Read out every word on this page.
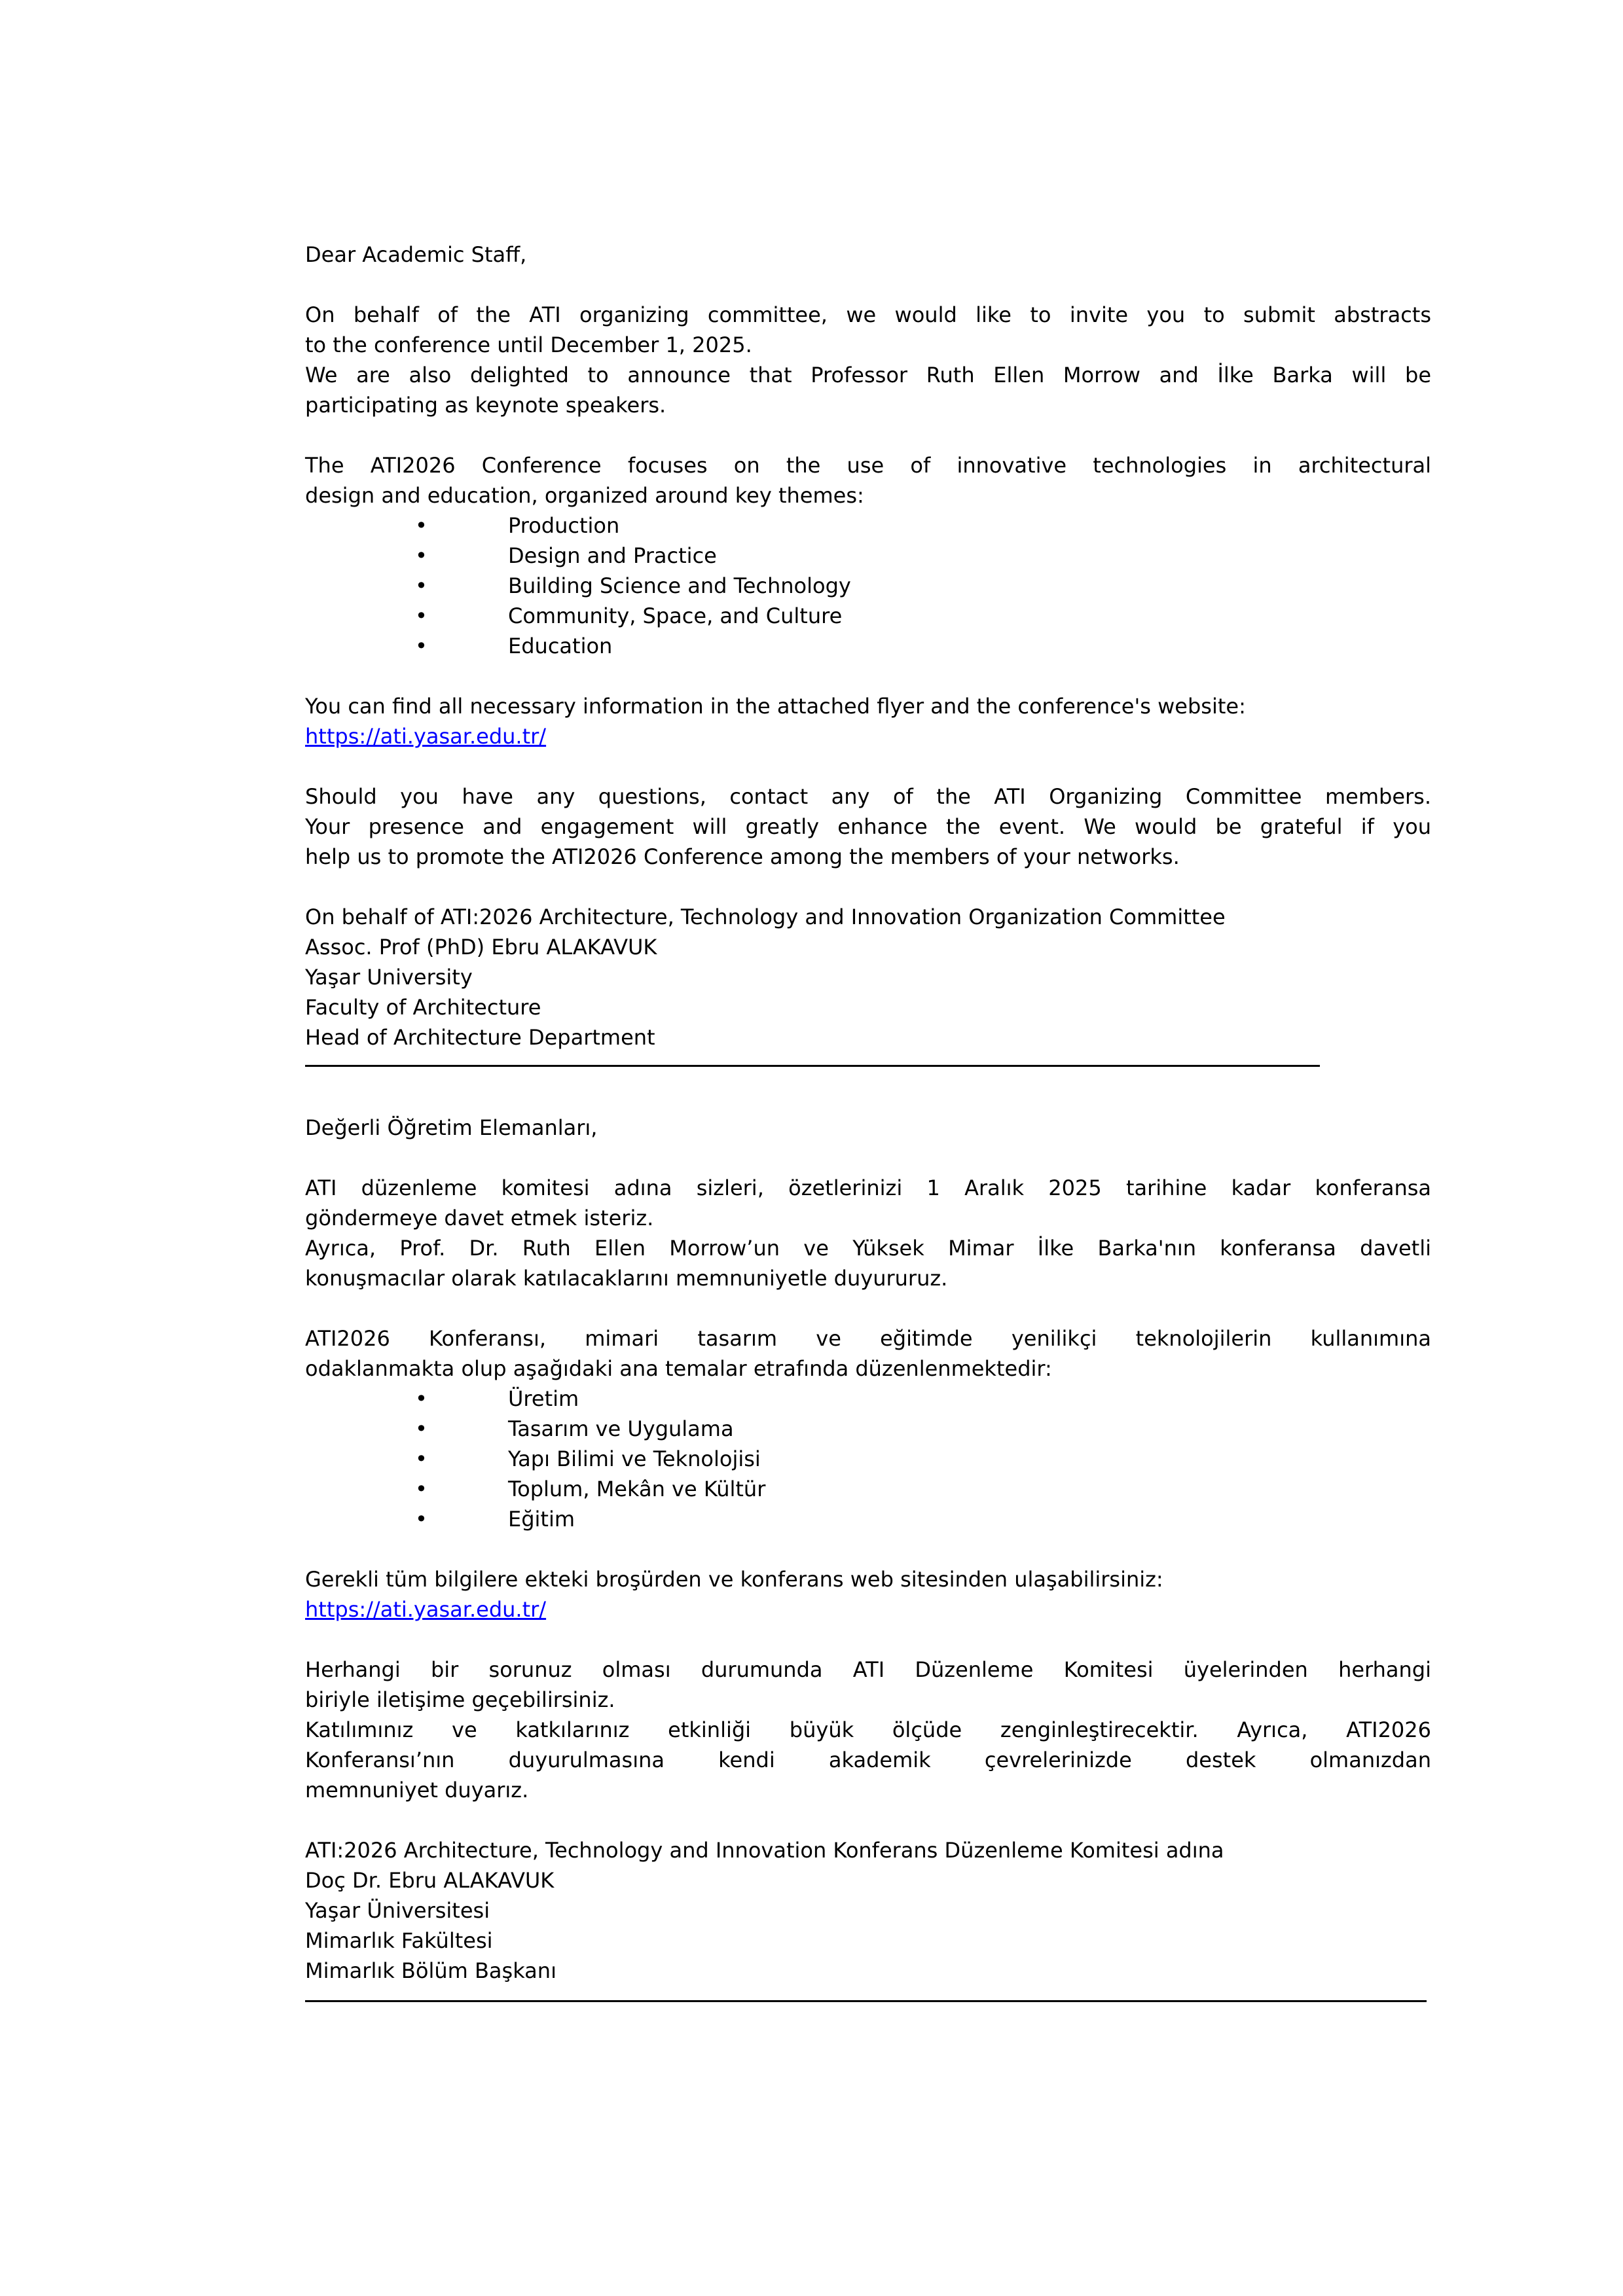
Dear Academic Staff,

On behalf of the ATI organizing committee, we would like to invite you to submit abstracts
to the conference until December 1, 2025.

We are also delighted to announce that Professor Ruth Ellen Morrow and İlke Barka will be
participating as keynote speakers.

The ATI2026 Conference focuses on the use of innovative technologies in architectural
design and education, organized around key themes:

•	Production
•	Design and Practice
•	Building Science and Technology
•	Community, Space, and Culture
•	Education

You can find all necessary information in the attached flyer and the conference's website:

https://ati.yasar.edu.tr/

Should you have any questions, contact any of the ATI Organizing Committee members.
Your presence and engagement will greatly enhance the event. We would be grateful if you
help us to promote the ATI2026 Conference among the members of your networks.

On behalf of ATI:2026 Architecture, Technology and Innovation Organization Committee

Assoc. Prof (PhD) Ebru ALAKAVUK

Yaşar University

Faculty of Architecture

Head of Architecture Department

Değerli Öğretim Elemanları,

ATI düzenleme komitesi adına sizleri, özetlerinizi 1 Aralık 2025 tarihine kadar konferansa
göndermeye davet etmek isteriz.

Ayrıca, Prof. Dr. Ruth Ellen Morrow’un ve Yüksek Mimar İlke Barka'nın konferansa davetli
konuşmacılar olarak katılacaklarını memnuniyetle duyururuz.

ATI2026 Konferansı, mimari tasarım ve eğitimde yenilikçi teknolojilerin kullanımına
odaklanmakta olup aşağıdaki ana temalar etrafında düzenlenmektedir:

•	Üretim
•	Tasarım ve Uygulama
•	Yapı Bilimi ve Teknolojisi
•	Toplum, Mekân ve Kültür
•	Eğitim

Gerekli tüm bilgilere ekteki broşürden ve konferans web sitesinden ulaşabilirsiniz:

https://ati.yasar.edu.tr/

Herhangi bir sorunuz olması durumunda ATI Düzenleme Komitesi üyelerinden herhangi
biriyle iletişime geçebilirsiniz.

Katılımınız ve katkılarınız etkinliği büyük ölçüde zenginleştirecektir. Ayrıca, ATI2026
Konferansı’nın duyurulmasına kendi akademik çevrelerinizde destek olmanızdan
memnuniyet duyarız.

ATI:2026 Architecture, Technology and Innovation Konferans Düzenleme Komitesi adına

Doç Dr. Ebru ALAKAVUK

Yaşar Üniversitesi

Mimarlık Fakültesi

Mimarlık Bölüm Başkanı
